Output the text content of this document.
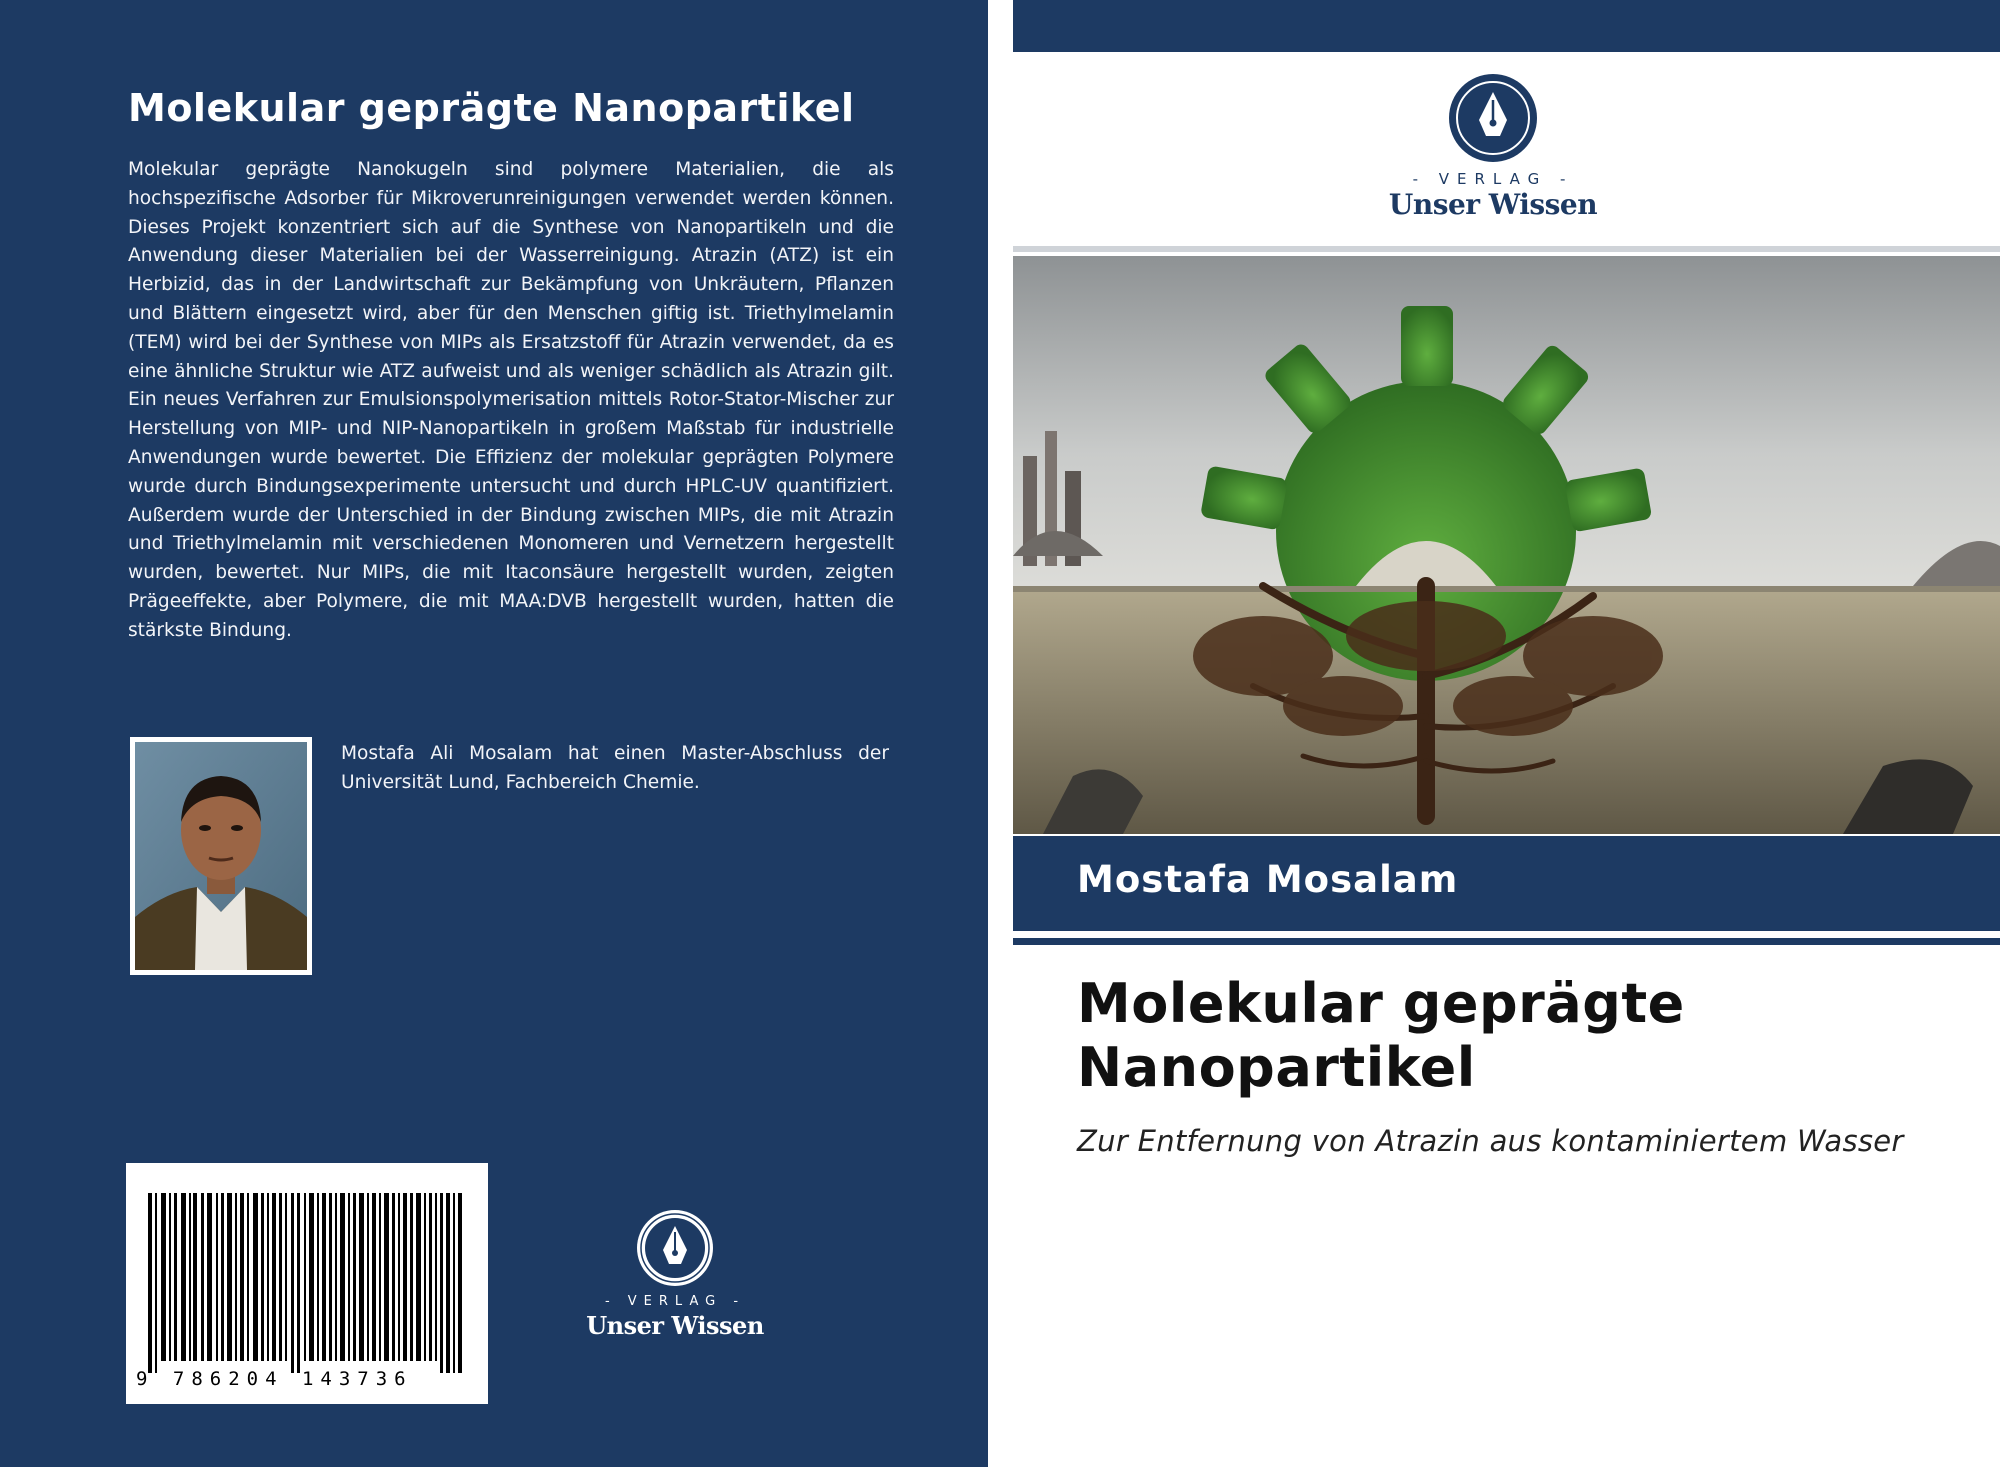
Molekular geprägte Nanopartikel
Molekular geprägte Nanokugeln sind polymere Materialien, die als hochspezifische Adsorber für Mikroverunreinigungen verwendet werden können. Dieses Projekt konzentriert sich auf die Synthese von Nanopartikeln und die Anwendung dieser Materialien bei der Wasserreinigung. Atrazin (ATZ) ist ein Herbizid, das in der Landwirtschaft zur Bekämpfung von Unkräutern, Pflanzen und Blättern eingesetzt wird, aber für den Menschen giftig ist. Triethylmelamin (TEM) wird bei der Synthese von MIPs als Ersatzstoff für Atrazin verwendet, da es eine ähnliche Struktur wie ATZ aufweist und als weniger schädlich als Atrazin gilt. Ein neues Verfahren zur Emulsionspolymerisation mittels Rotor-Stator-Mischer zur Herstellung von MIP- und NIP-Nanopartikeln in großem Maßstab für industrielle Anwendungen wurde bewertet. Die Effizienz der molekular geprägten Polymere wurde durch Bindungsexperimente untersucht und durch HPLC-UV quantifiziert. Außerdem wurde der Unterschied in der Bindung zwischen MIPs, die mit Atrazin und Triethylmelamin mit verschiedenen Monomeren und Vernetzern hergestellt wurden, bewertet. Nur MIPs, die mit Itaconsäure hergestellt wurden, zeigten Prägeeffekte, aber Polymere, die mit MAA:DVB hergestellt wurden, hatten die stärkste Bindung.
Mostafa Ali Mosalam hat einen Master-Abschluss der Universität Lund, Fachbereich Chemie.
9 786204 143736
- VERLAG -
Unser Wissen
- VERLAG -
Unser Wissen
Mostafa Mosalam
Molekular geprägte Nanopartikel
Zur Entfernung von Atrazin aus kontaminiertem Wasser
